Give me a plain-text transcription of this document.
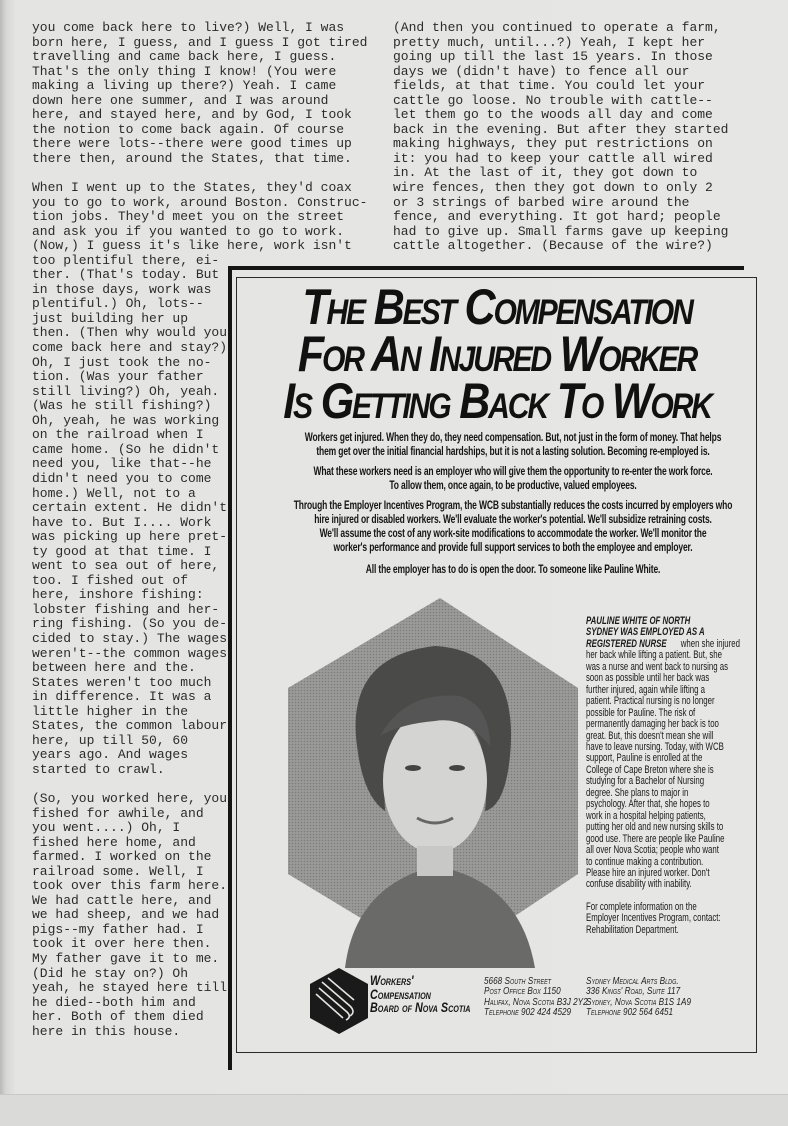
you come back here to live?) Well, I was
born here, I guess, and I guess I got tired
travelling and came back here, I guess.
That's the only thing I know! (You were
making a living up there?) Yeah. I came
down here one summer, and I was around
here, and stayed here, and by God, I took
the notion to come back again. Of course
there were lots--there were good times up
there then, around the States, that time.
When I went up to the States, they'd coax
you to go to work, around Boston. Construc-
tion jobs. They'd meet you on the street
and ask you if you wanted to go to work.
(Now,) I guess it's like here, work isn't
too plentiful there, ei-
ther. (That's today. But
in those days, work was
plentiful.) Oh, lots--
just building her up
then. (Then why would you
come back here and stay?)
Oh, I just took the no-
tion. (Was your father
still living?) Oh, yeah.
(Was he still fishing?)
Oh, yeah, he was working
on the railroad when I
came home. (So he didn't
need you, like that--he
didn't need you to come
home.) Well, not to a
certain extent. He didn't
have to. But I.... Work
was picking up here pret-
ty good at that time. I
went to sea out of here,
too. I fished out of
here, inshore fishing:
lobster fishing and her-
ring fishing. (So you de-
cided to stay.) The wages
weren't--the common wages
between here and the.
States weren't too much
in difference. It was a
little higher in the
States, the common labour
here, up till 50, 60
years ago. And wages
started to crawl.
(So, you worked here, you
fished for awhile, and
you went....) Oh, I
fished here home, and
farmed. I worked on the
railroad some. Well, I
took over this farm here.
We had cattle here, and
we had sheep, and we had
pigs--my father had. I
took it over here then.
My father gave it to me.
(Did he stay on?) Oh
yeah, he stayed here till
he died--both him and
her. Both of them died
here in this house.
(And then you continued to operate a farm,
pretty much, until...?) Yeah, I kept her
going up till the last 15 years. In those
days we (didn't have) to fence all our
fields, at that time. You could let your
cattle go loose. No trouble with cattle--
let them go to the woods all day and come
back in the evening. But after they started
making highways, they put restrictions on
it: you had to keep your cattle all wired
in. At the last of it, they got down to
wire fences, then they got down to only 2
or 3 strings of barbed wire around the
fence, and everything. It got hard; people
had to give up. Small farms gave up keeping
cattle altogether. (Because of the wire?)
The Best Compensation
For An Injured Worker
Is Getting Back To Work
Workers get injured. When they do, they need compensation. But, not just in the form of money. That helps
them get over the initial financial hardships, but it is not a lasting solution. Becoming re-employed is.
What these workers need is an employer who will give them the opportunity to re-enter the work force.
To allow them, once again, to be productive, valued employees.
Through the Employer Incentives Program, the WCB substantially reduces the costs incurred by employers who
hire injured or disabled workers. We'll evaluate the worker's potential. We'll subsidize retraining costs.
We'll assume the cost of any work-site modifications to accommodate the worker. We'll monitor the
worker's performance and provide full support services to both the employee and employer.
All the employer has to do is open the door. To someone like Pauline White.
PAULINE WHITE OF NORTH
SYDNEY WAS EMPLOYED AS A
REGISTERED NURSE	when she injured
her back while lifting a patient. But, she
was a nurse and went back to nursing as
soon as possible until her back was
further injured, again while lifting a
patient. Practical nursing is no longer
possible for Pauline. The risk of
permanently damaging her back is too
great. But, this doesn't mean she will
have to leave nursing. Today, with WCB
support, Pauline is enrolled at the
College of Cape Breton where she is
studying for a Bachelor of Nursing
degree. She plans to major in
psychology. After that, she hopes to
work in a hospital helping patients,
putting her old and new nursing skills to
good use. There are people like Pauline
all over Nova Scotia; people who want
to continue making a contribution.
Please hire an injured worker. Don't
confuse disability with inability.
For complete information on the
Employer Incentives Program, contact:
Rehabilitation Department.
Workers'
Compensation
Board of Nova Scotia
5668 South Street
Post Office Box 1150
Halifax, Nova Scotia B3J 2Y2
Telephone 902 424 4529
Sydney Medical Arts Bldg.
336 Kings' Road, Suite 117
Sydney, Nova Scotia B1S 1A9
Telephone 902 564 6451
